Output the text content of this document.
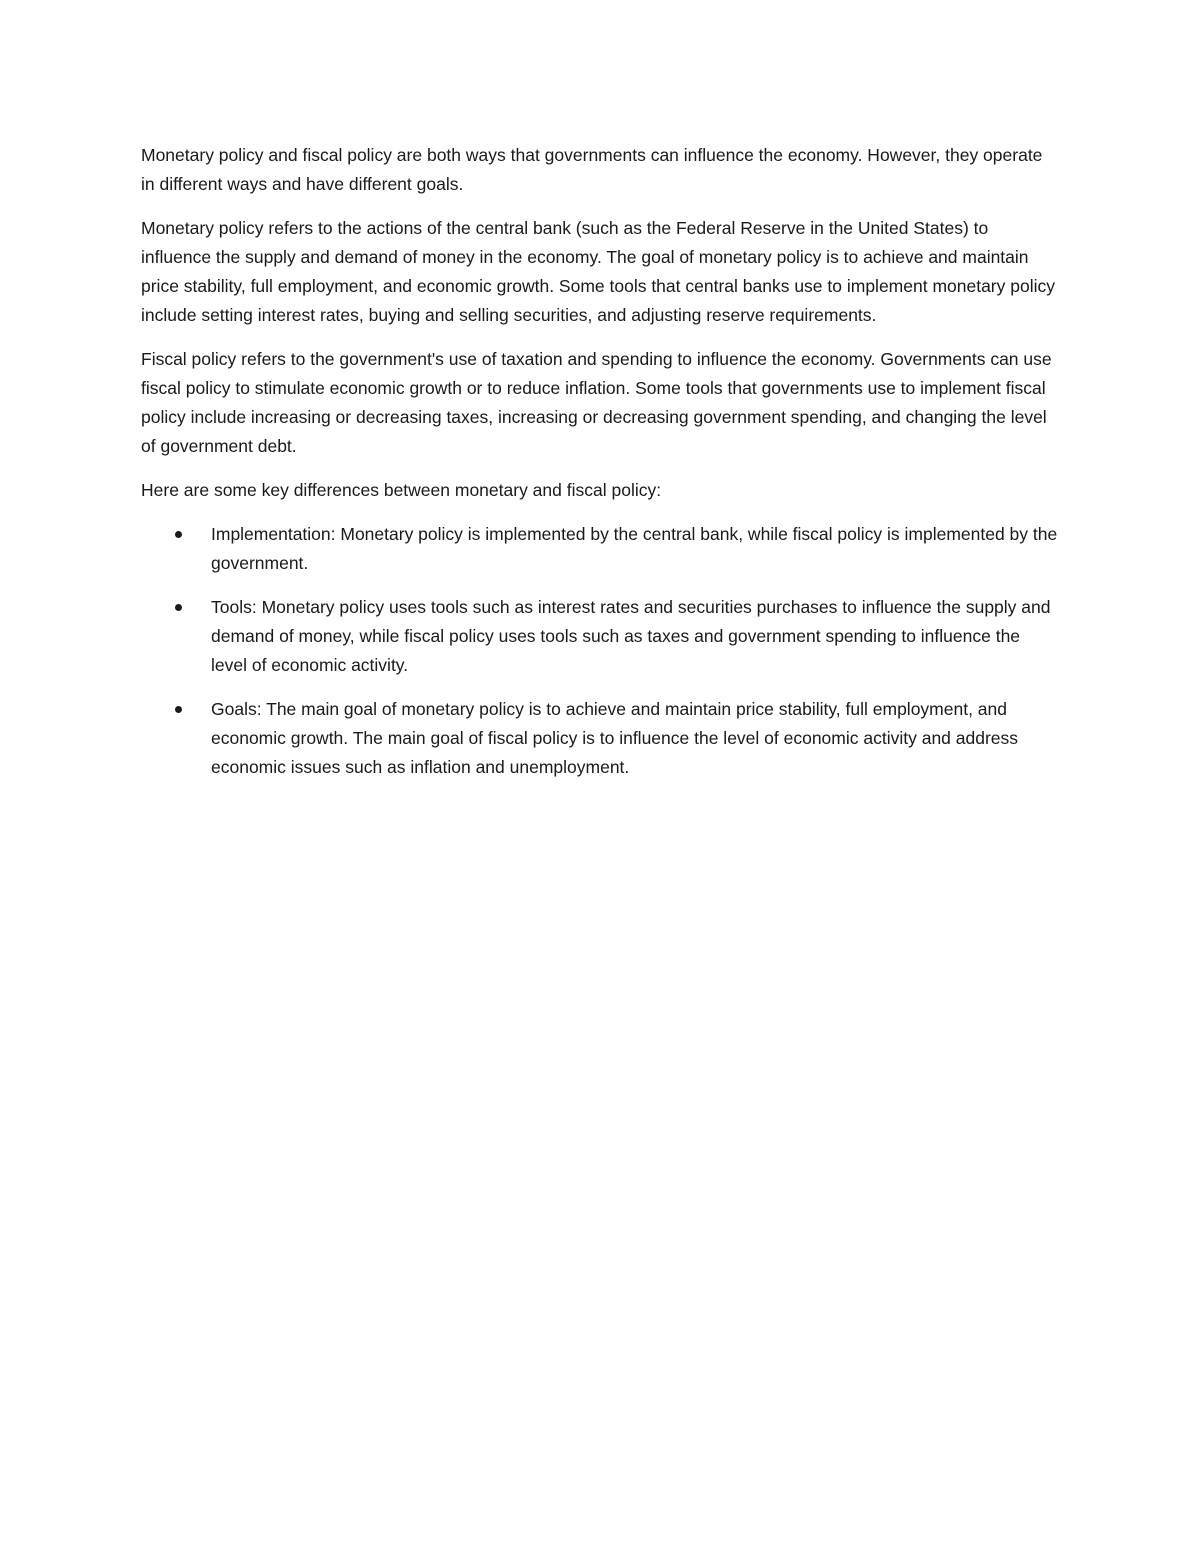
Monetary policy and fiscal policy are both ways that governments can influence the economy. However, they operate in different ways and have different goals.

Monetary policy refers to the actions of the central bank (such as the Federal Reserve in the United States) to influence the supply and demand of money in the economy. The goal of monetary policy is to achieve and maintain price stability, full employment, and economic growth. Some tools that central banks use to implement monetary policy include setting interest rates, buying and selling securities, and adjusting reserve requirements.

Fiscal policy refers to the government's use of taxation and spending to influence the economy. Governments can use fiscal policy to stimulate economic growth or to reduce inflation. Some tools that governments use to implement fiscal policy include increasing or decreasing taxes, increasing or decreasing government spending, and changing the level of government debt.

Here are some key differences between monetary and fiscal policy:

Implementation: Monetary policy is implemented by the central bank, while fiscal policy is implemented by the government.
Tools: Monetary policy uses tools such as interest rates and securities purchases to influence the supply and demand of money, while fiscal policy uses tools such as taxes and government spending to influence the level of economic activity.
Goals: The main goal of monetary policy is to achieve and maintain price stability, full employment, and economic growth. The main goal of fiscal policy is to influence the level of economic activity and address economic issues such as inflation and unemployment.
